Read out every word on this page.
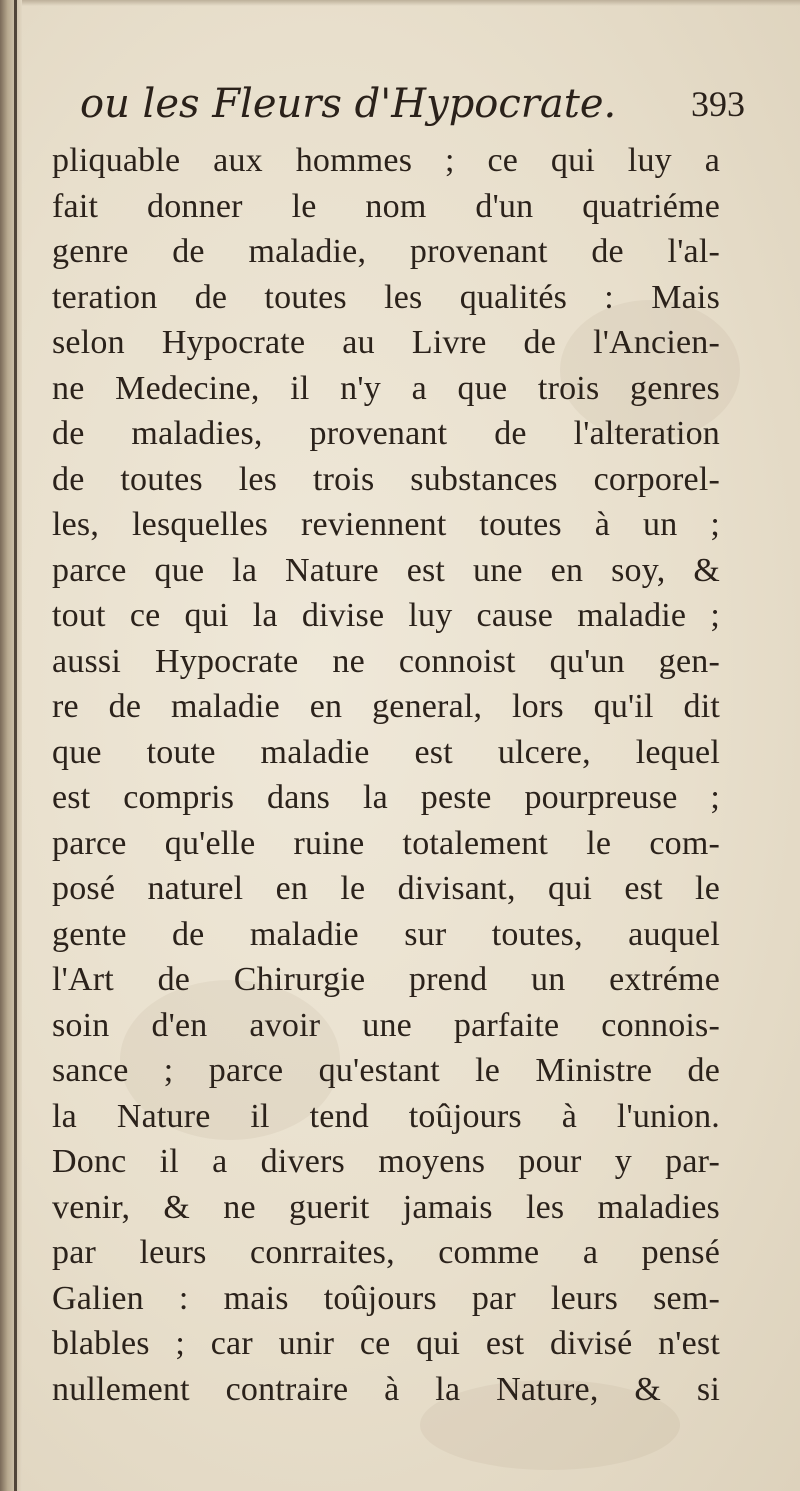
ou les Fleurs d'Hypocrate. 393
pliquable aux hommes ; ce qui luy a
fait donner le nom d'un quatriéme
genre de maladie, provenant de l'al-
teration de toutes les qualités : Mais
selon Hypocrate au Livre de l'Ancien-
ne Medecine, il n'y a que trois genres
de maladies, provenant de l'alteration
de toutes les trois substances corporel-
les, lesquelles reviennent toutes à un ;
parce que la Nature est une en soy, &
tout ce qui la divise luy cause maladie ;
aussi Hypocrate ne connoist qu'un gen-
re de maladie en general, lors qu'il dit
que toute maladie est ulcere, lequel
est compris dans la peste pourpreuse ;
parce qu'elle ruine totalement le com-
posé naturel en le divisant, qui est le
gente de maladie sur toutes, auquel
l'Art de Chirurgie prend un extréme
soin d'en avoir une parfaite connois-
sance ; parce qu'estant le Ministre de
la Nature il tend toûjours à l'union.
Donc il a divers moyens pour y par-
venir, & ne guerit jamais les maladies
par leurs conrraites, comme a pensé
Galien : mais toûjours par leurs sem-
blables ; car unir ce qui est divisé n'est
nullement contraire à la Nature, & si
